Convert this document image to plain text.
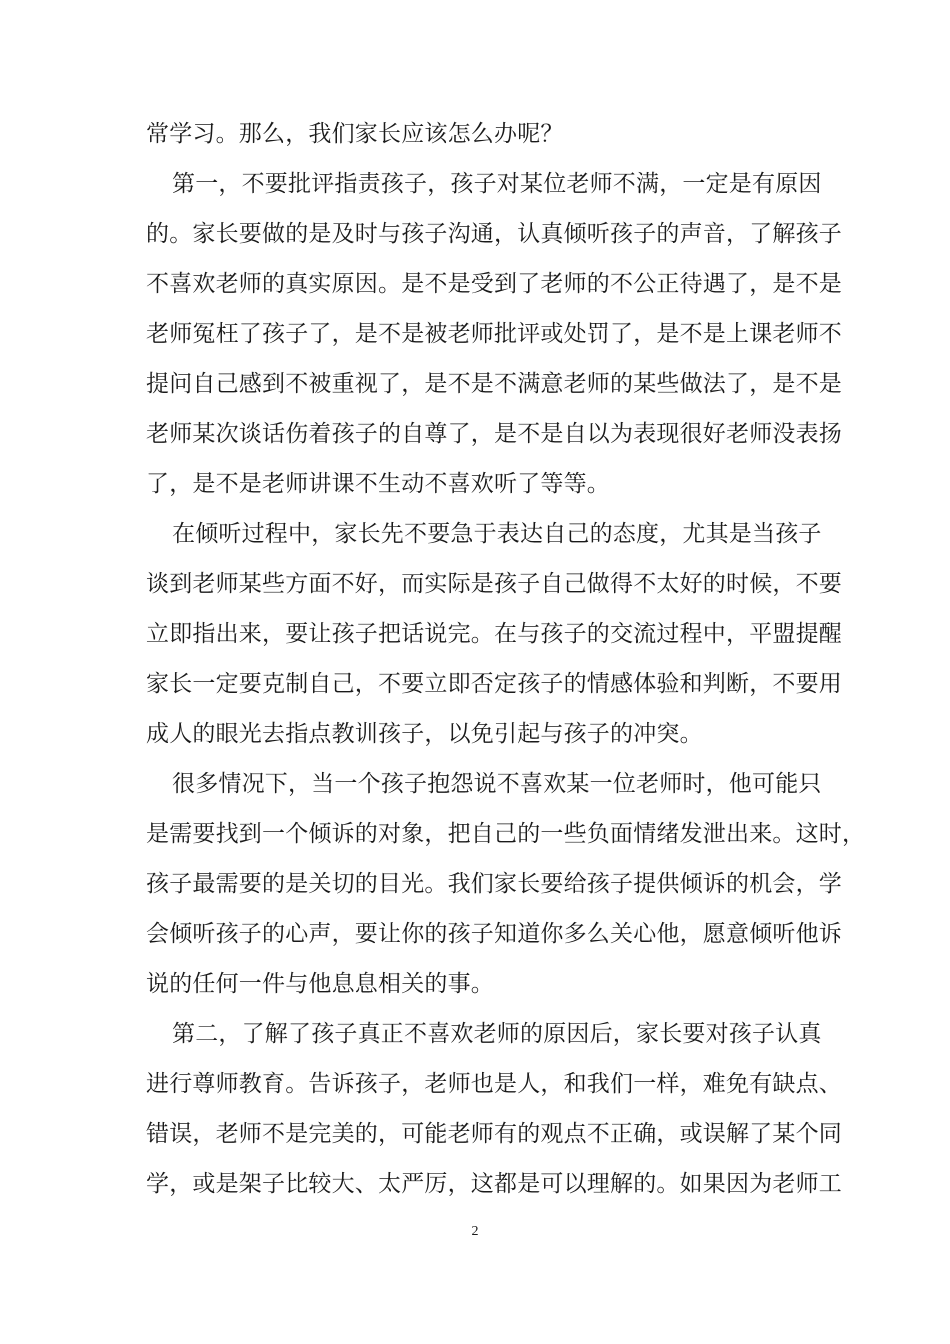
常学习。那么，我们家长应该怎么办呢？
第一，不要批评指责孩子，孩子对某位老师不满，一定是有原因
的。家长要做的是及时与孩子沟通，认真倾听孩子的声音，了解孩子
不喜欢老师的真实原因。是不是受到了老师的不公正待遇了，是不是
老师冤枉了孩子了，是不是被老师批评或处罚了，是不是上课老师不
提问自己感到不被重视了，是不是不满意老师的某些做法了，是不是
老师某次谈话伤着孩子的自尊了，是不是自以为表现很好老师没表扬
了，是不是老师讲课不生动不喜欢听了等等。
在倾听过程中，家长先不要急于表达自己的态度，尤其是当孩子
谈到老师某些方面不好，而实际是孩子自己做得不太好的时候，不要
立即指出来，要让孩子把话说完。在与孩子的交流过程中，平盟提醒
家长一定要克制自己，不要立即否定孩子的情感体验和判断，不要用
成人的眼光去指点教训孩子，以免引起与孩子的冲突。
很多情况下，当一个孩子抱怨说不喜欢某一位老师时，他可能只
是需要找到一个倾诉的对象，把自己的一些负面情绪发泄出来。这时，
孩子最需要的是关切的目光。我们家长要给孩子提供倾诉的机会，学
会倾听孩子的心声，要让你的孩子知道你多么关心他，愿意倾听他诉
说的任何一件与他息息相关的事。
第二，了解了孩子真正不喜欢老师的原因后，家长要对孩子认真
进行尊师教育。告诉孩子，老师也是人，和我们一样，难免有缺点、
错误，老师不是完美的，可能老师有的观点不正确，或误解了某个同
学，或是架子比较大、太严厉，这都是可以理解的。如果因为老师工
2
